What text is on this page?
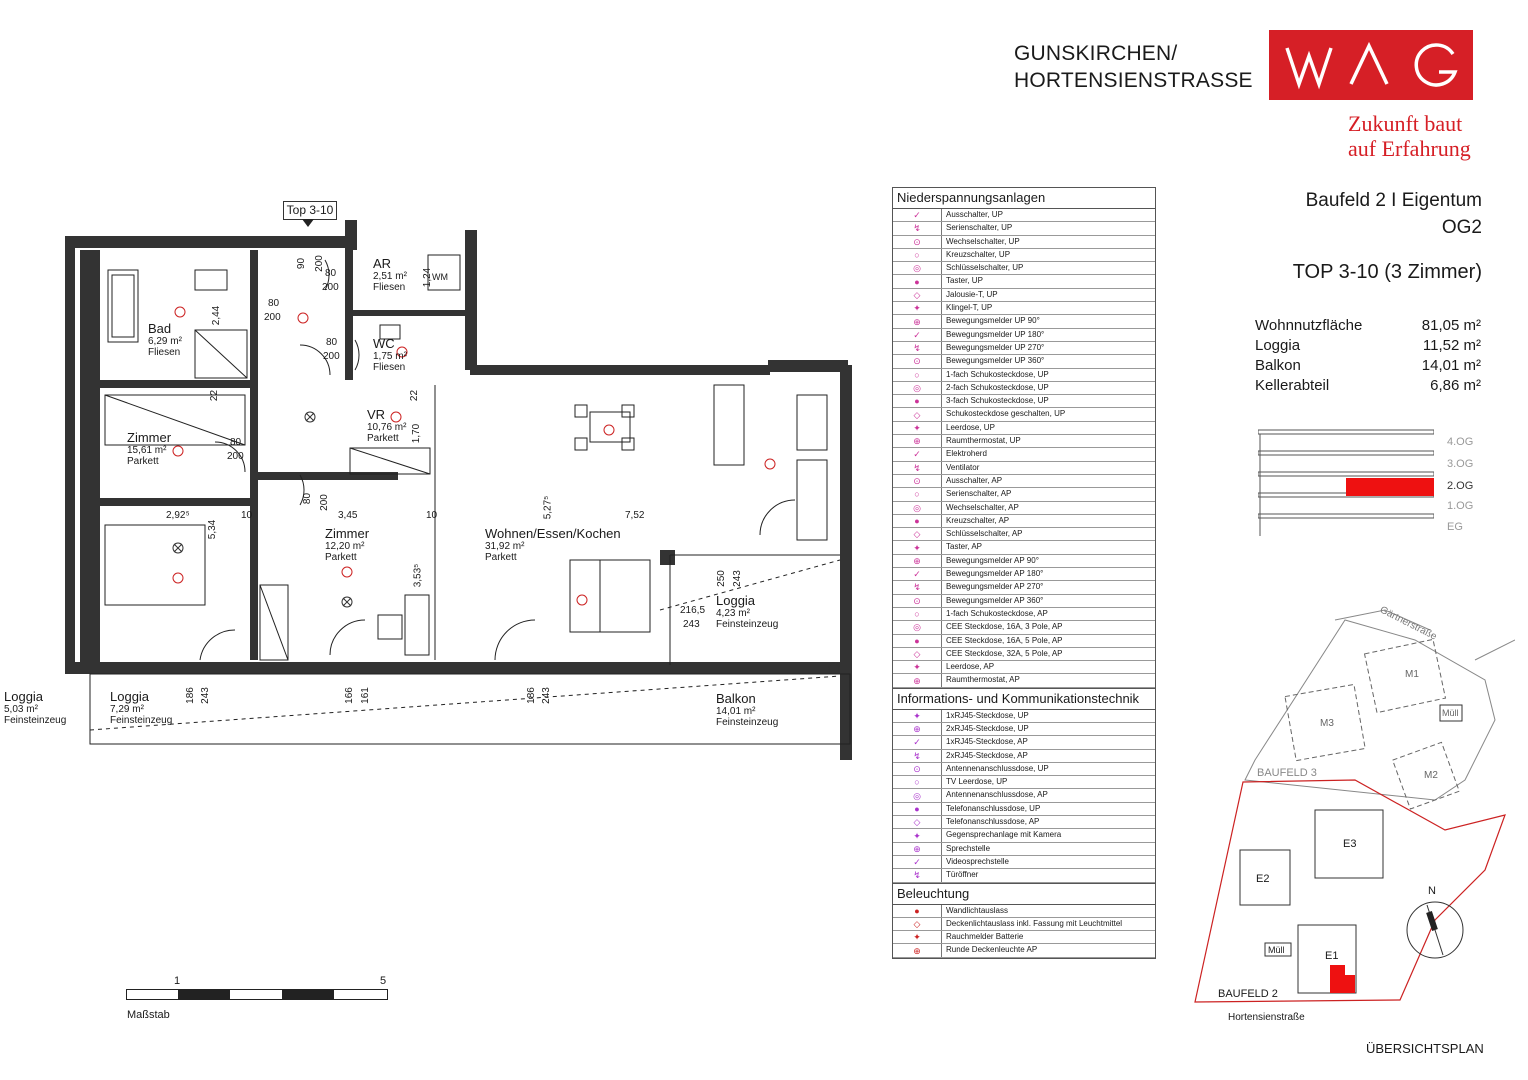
GUNSKIRCHEN/
HORTENSIENSTRASSE
Zukunft baut
auf Erfahrung
Baufeld 2 I Eigentum
OG2
TOP 3-10 (3 Zimmer)
Wohnnutzfläche	81,05 m²
Loggia	11,52 m²
Balkon	14,01 m²
Kellerabteil	6,86 m²
4.OG
3.OG
2.OG
1.OG
EG
Niederspannungsanlagen
✓	Ausschalter, UP
↯	Serienschalter, UP
⊙	Wechselschalter, UP
○	Kreuzschalter, UP
◎	Schlüsselschalter, UP
●	Taster, UP
◇	Jalousie-T, UP
✦	Klingel-T, UP
⊕	Bewegungsmelder UP 90°
✓	Bewegungsmelder UP 180°
↯	Bewegungsmelder UP 270°
⊙	Bewegungsmelder UP 360°
○	1-fach Schukosteckdose, UP
◎	2-fach Schukosteckdose, UP
●	3-fach Schukosteckdose, UP
◇	Schukosteckdose geschalten, UP
✦	Leerdose, UP
⊕	Raumthermostat, UP
✓	Elektroherd
↯	Ventilator
⊙	Ausschalter, AP
○	Serienschalter, AP
◎	Wechselschalter, AP
●	Kreuzschalter, AP
◇	Schlüsselschalter, AP
✦	Taster, AP
⊕	Bewegungsmelder AP 90°
✓	Bewegungsmelder AP 180°
↯	Bewegungsmelder AP 270°
⊙	Bewegungsmelder AP 360°
○	1-fach Schukosteckdose, AP
◎	CEE Steckdose, 16A, 3 Pole, AP
●	CEE Steckdose, 16A, 5 Pole, AP
◇	CEE Steckdose, 32A, 5 Pole, AP
✦	Leerdose, AP
⊕	Raumthermostat, AP
Informations- und Kommunikationstechnik
✦	1xRJ45-Steckdose, UP
⊕	2xRJ45-Steckdose, UP
✓	1xRJ45-Steckdose, AP
↯	2xRJ45-Steckdose, AP
⊙	Antennenanschlussdose, UP
○	TV Leerdose, UP
◎	Antennenanschlussdose, AP
●	Telefonanschlussdose, UP
◇	Telefonanschlussdose, AP
✦	Gegensprechanlage mit Kamera
⊕	Sprechstelle
✓	Videosprechstelle
↯	Türöffner
Beleuchtung
●	Wandlichtauslass
◇	Deckenlichtauslass inkl. Fassung mit Leuchtmittel
✦	Rauchmelder Batterie
⊕	Runde Deckenleuchte AP
Top 3-10
Bad
6,29 m²
Fliesen
AR
2,51 m²
Fliesen
WC
1,75 m²
Fliesen
VR
10,76 m²
Parkett
Zimmer
15,61 m²
Parkett
Zimmer
12,20 m²
Parkett
Wohnen/Essen/Kochen
31,92 m²
Parkett
Loggia
4,23 m²
Feinsteinzeug
Loggia
7,29 m²
Feinsteinzeug
Loggia
5,03 m²
Feinsteinzeug
Balkon
14,01 m²
Feinsteinzeug
90 200
80
200
80
200
80
200
80
200
80 200
2,44
2,92⁵	10
5,34
3,45	10
3,53⁵
5,27⁵	7,52
1,70
22	22
1,24
250 243
216,5
243
186 243	166 161	186 243
WM
1	5
Maßstab
Gärtnerstraße
M1
M3
M2
Müll
BAUFELD 3
E3
E2
E1
Müll
BAUFELD 2
Hortensienstraße
N
ÜBERSICHTSPLAN
